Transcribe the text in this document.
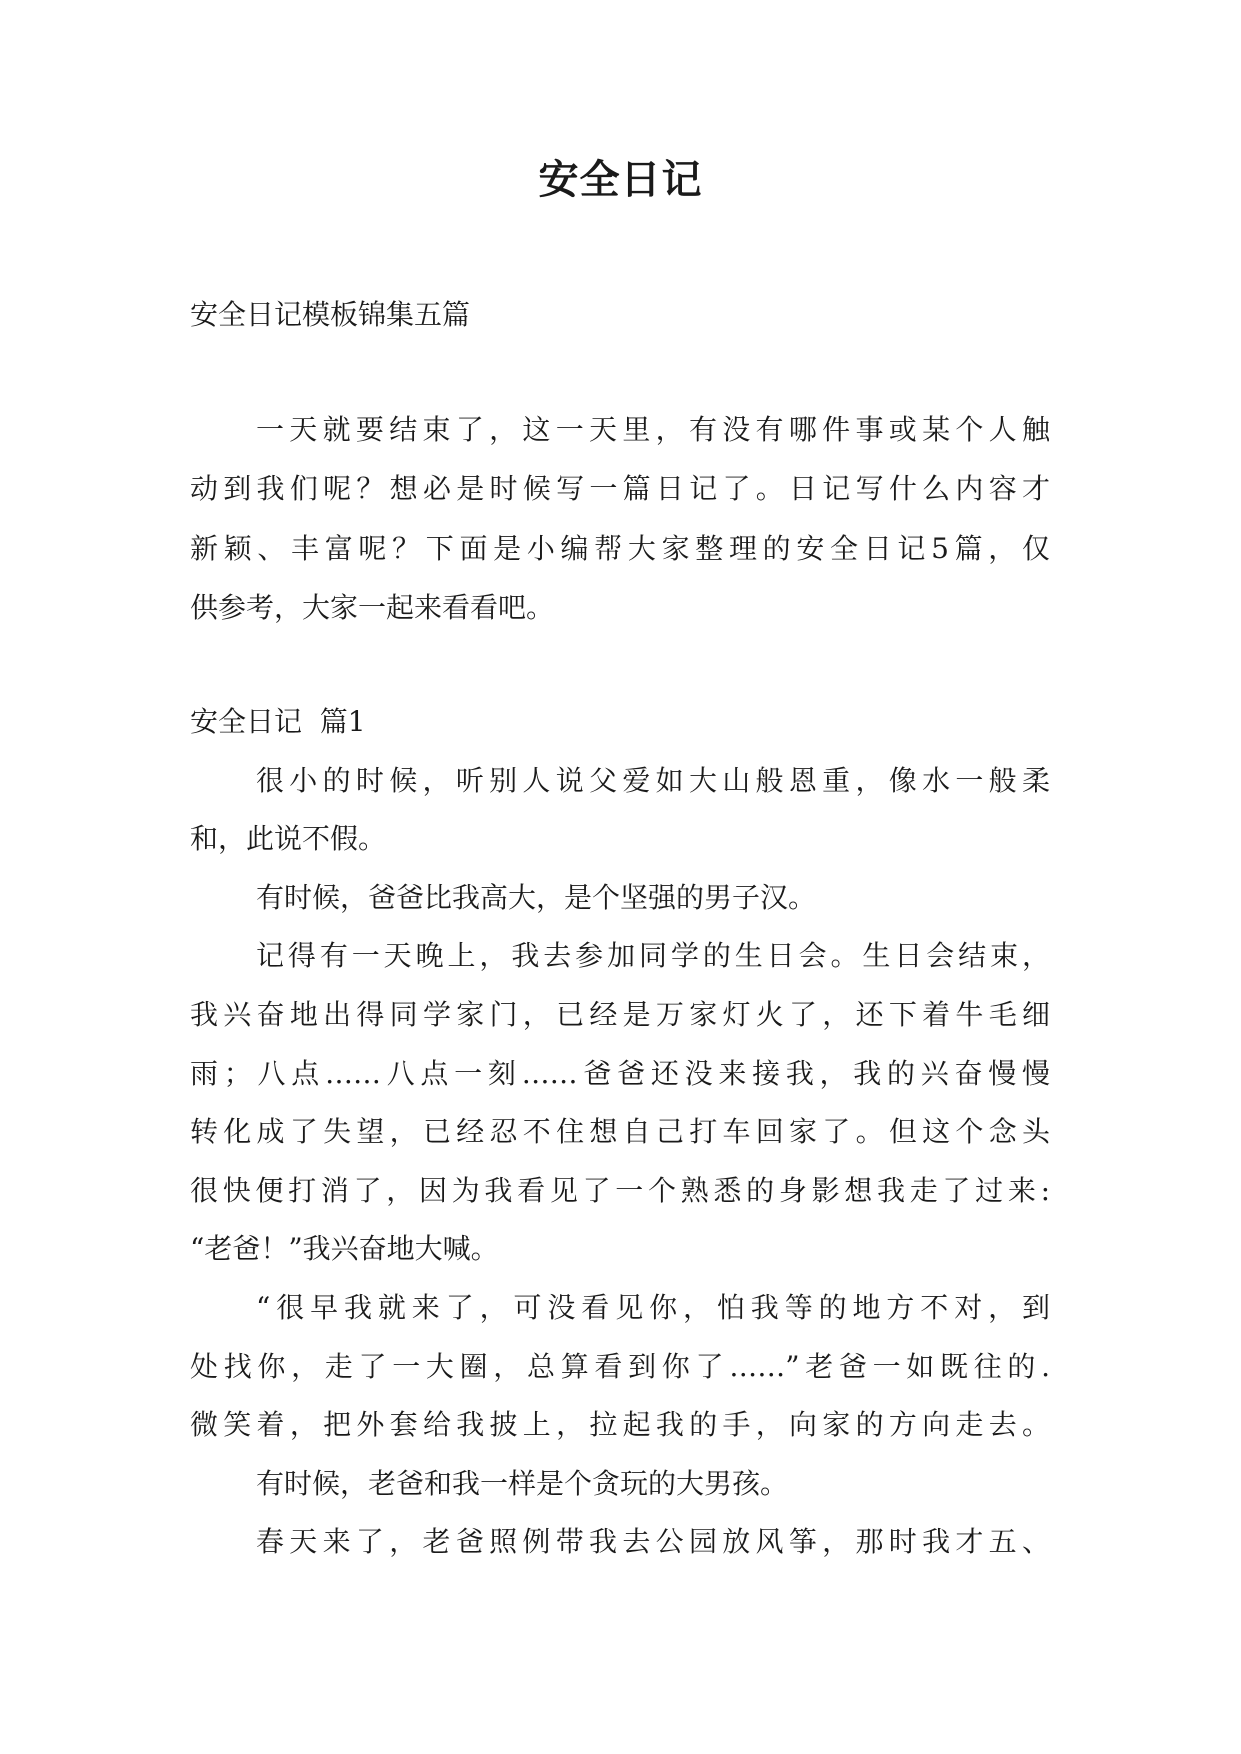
安全日记
安全日记模板锦集五篇
一天就要结束了，这一天里，有没有哪件事或某个人触
动到我们呢？想必是时候写一篇日记了。日记写什么内容才
新颖、丰富呢？下面是小编帮大家整理的安全日记5篇，仅
供参考，大家一起来看看吧。
安全日记  篇1
很小的时候，听别人说父爱如大山般恩重，像水一般柔
和，此说不假。
有时候，爸爸比我高大，是个坚强的男子汉。
记得有一天晚上，我去参加同学的生日会。生日会结束，
我兴奋地出得同学家门，已经是万家灯火了，还下着牛毛细
雨；八点……八点一刻……爸爸还没来接我，我的兴奋慢慢
转化成了失望，已经忍不住想自己打车回家了。但这个念头
很快便打消了，因为我看见了一个熟悉的身影想我走了过来:
“老爸！”我兴奋地大喊。
“很早我就来了，可没看见你，怕我等的地方不对，到
处找你，走了一大圈，总算看到你了……”老爸一如既往的.
微笑着，把外套给我披上，拉起我的手，向家的方向走去。
有时候，老爸和我一样是个贪玩的大男孩。
春天来了，老爸照例带我去公园放风筝，那时我才五、
